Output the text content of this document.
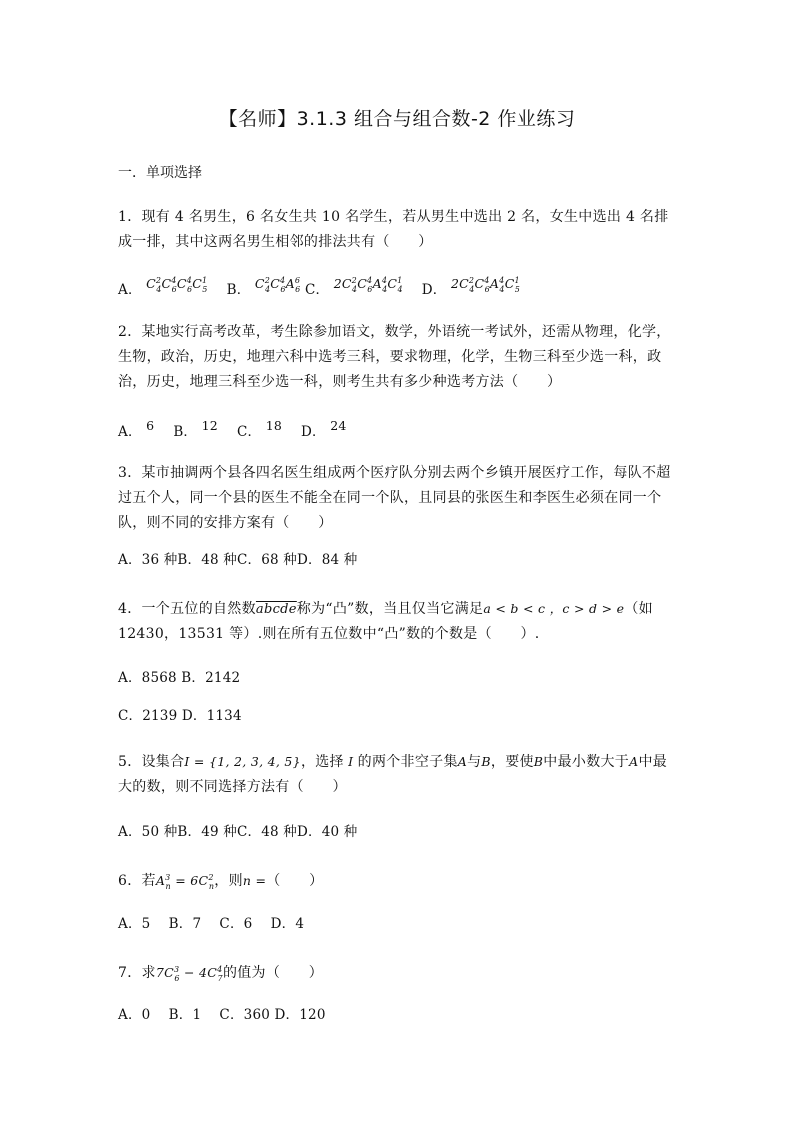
【名师】3.1.3 组合与组合数-2 作业练习
一．单项选择
1．现有 4 名男生，6 名女生共 10 名学生，若从男生中选出 2 名，女生中选出 4 名排成一排，其中这两名男生相邻的排法共有（　　）
A． $C^2_4C^4_6C^4_6C^1_5$ B． $C^2_4C^4_6A^6_6$ C． $2C^2_4C^4_6A^4_4C^1_4$ D． $2C^2_4C^4_6A^4_4C^1_5$
2．某地实行高考改革，考生除参加语文，数学，外语统一考试外，还需从物理，化学，生物，政治，历史，地理六科中选考三科，要求物理，化学，生物三科至少选一科，政治，历史，地理三科至少选一科，则考生共有多少种选考方法（　　）
A． 6 B． 12 C． 18 D． 24
3．某市抽调两个县各四名医生组成两个医疗队分别去两个乡镇开展医疗工作，每队不超过五个人，同一个县的医生不能全在同一个队，且同县的张医生和李医生必须在同一个队，则不同的安排方案有（　　）
A．36 种B．48 种C．68 种D．84 种
4．一个五位的自然数abcde称为“凸”数，当且仅当它满足a < b < c ，c > d > e（如12430，13531 等）.则在所有五位数中“凸”数的个数是（　　）.
A．8568 B．2142
C．2139 D．1134
5．设集合I = {1, 2, 3, 4, 5}，选择 I 的两个非空子集A与B，要使B中最小数大于A中最大的数，则不同选择方法有（　　）
A．50 种B．49 种C．48 种D．40 种
6．若$A^3_n = 6C^2_n$，则n =（　　）
A．5　 B．7　 C．6　 D．4
7．求$7C^3_6 - 4C^4_7$的值为（　　）
A．0　 B．1　 C．360 D．120
